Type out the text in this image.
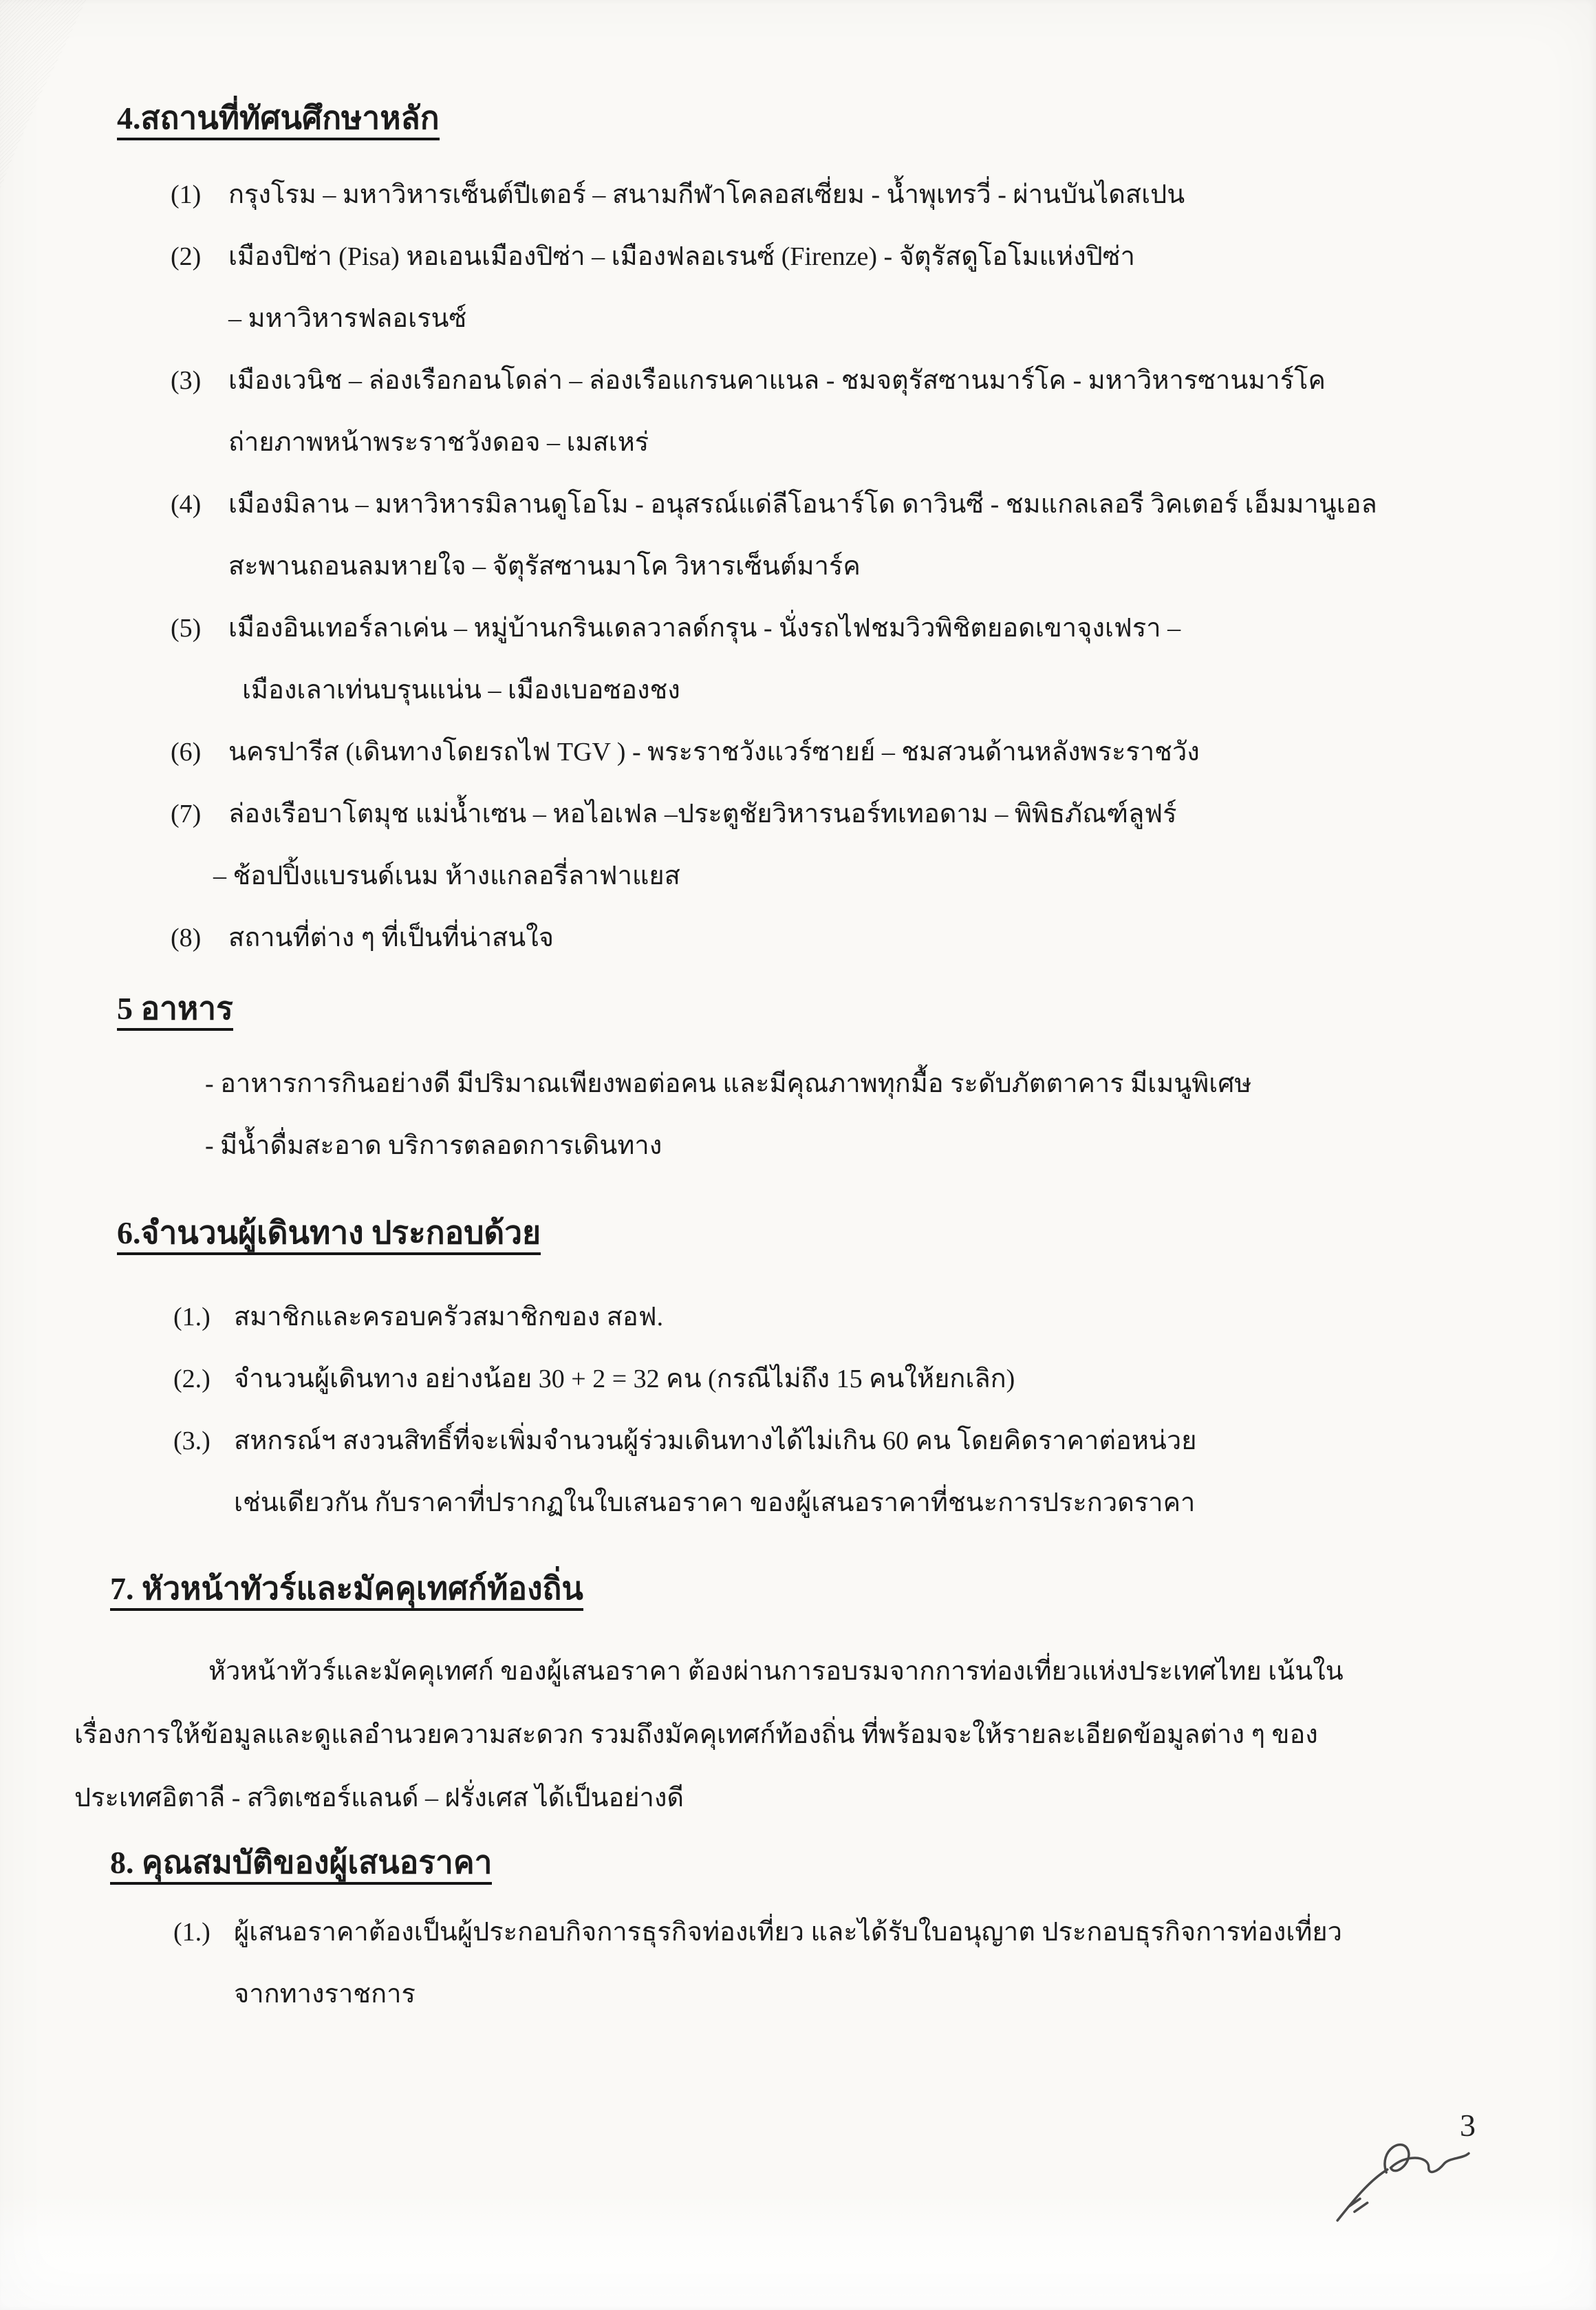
4.สถานที่ทัศนศึกษาหลัก
(1)	กรุงโรม – มหาวิหารเซ็นต์ปีเตอร์ – สนามกีฬาโคลอสเซี่ยม - น้ำพุเทรวี่ - ผ่านบันไดสเปน
(2)	เมืองปิซ่า (Pisa) หอเอนเมืองปิซ่า – เมืองฟลอเรนซ์ (Firenze) - จัตุรัสดูโอโมแห่งปิซ่า
– มหาวิหารฟลอเรนซ์
(3)	เมืองเวนิช – ล่องเรือกอนโดล่า – ล่องเรือแกรนคาแนล - ชมจตุรัสซานมาร์โค - มหาวิหารซานมาร์โค
ถ่ายภาพหน้าพระราชวังดอจ – เมสเหร่
(4)	เมืองมิลาน – มหาวิหารมิลานดูโอโม - อนุสรณ์แด่ลีโอนาร์โด ดาวินซี - ชมแกลเลอรี วิคเตอร์ เอ็มมานูเอล
สะพานถอนลมหายใจ – จัตุรัสซานมาโค วิหารเซ็นต์มาร์ค
(5)	เมืองอินเทอร์ลาเค่น – หมู่บ้านกรินเดลวาลด์กรุน - นั่งรถไฟชมวิวพิชิตยอดเขาจุงเฟรา –
เมืองเลาเท่นบรุนแน่น – เมืองเบอซองชง
(6)	นครปารีส (เดินทางโดยรถไฟ TGV ) - พระราชวังแวร์ซายย์ – ชมสวนด้านหลังพระราชวัง
(7)	ล่องเรือบาโตมุช แม่น้ำเซน – หอไอเฟล –ประตูชัยวิหารนอร์ทเทอดาม – พิพิธภัณฑ์ลูฟร์
– ช้อปปิ้งแบรนด์เนม ห้างแกลอรี่ลาฟาแยส
(8)	สถานที่ต่าง ๆ ที่เป็นที่น่าสนใจ
5 อาหาร
- อาหารการกินอย่างดี มีปริมาณเพียงพอต่อคน และมีคุณภาพทุกมื้อ ระดับภัตตาคาร มีเมนูพิเศษ
- มีน้ำดื่มสะอาด บริการตลอดการเดินทาง
6.จำนวนผู้เดินทาง ประกอบด้วย
(1.) สมาชิกและครอบครัวสมาชิกของ สอฟ.
(2.) จำนวนผู้เดินทาง อย่างน้อย 30 + 2 = 32 คน (กรณีไม่ถึง 15 คนให้ยกเลิก)
(3.) สหกรณ์ฯ สงวนสิทธิ์ที่จะเพิ่มจำนวนผู้ร่วมเดินทางได้ไม่เกิน 60 คน โดยคิดราคาต่อหน่วย
เช่นเดียวกัน กับราคาที่ปรากฏในใบเสนอราคา ของผู้เสนอราคาที่ชนะการประกวดราคา
7. หัวหน้าทัวร์และมัคคุเทศก์ท้องถิ่น
หัวหน้าทัวร์และมัคคุเทศก์ ของผู้เสนอราคา ต้องผ่านการอบรมจากการท่องเที่ยวแห่งประเทศไทย เน้นใน
เรื่องการให้ข้อมูลและดูแลอำนวยความสะดวก รวมถึงมัคคุเทศก์ท้องถิ่น ที่พร้อมจะให้รายละเอียดข้อมูลต่าง ๆ ของ
ประเทศอิตาลี - สวิตเซอร์แลนด์ – ฝรั่งเศส ได้เป็นอย่างดี
8. คุณสมบัติของผู้เสนอราคา
(1.) ผู้เสนอราคาต้องเป็นผู้ประกอบกิจการธุรกิจท่องเที่ยว และได้รับใบอนุญาต ประกอบธุรกิจการท่องเที่ยว
จากทางราชการ
3
